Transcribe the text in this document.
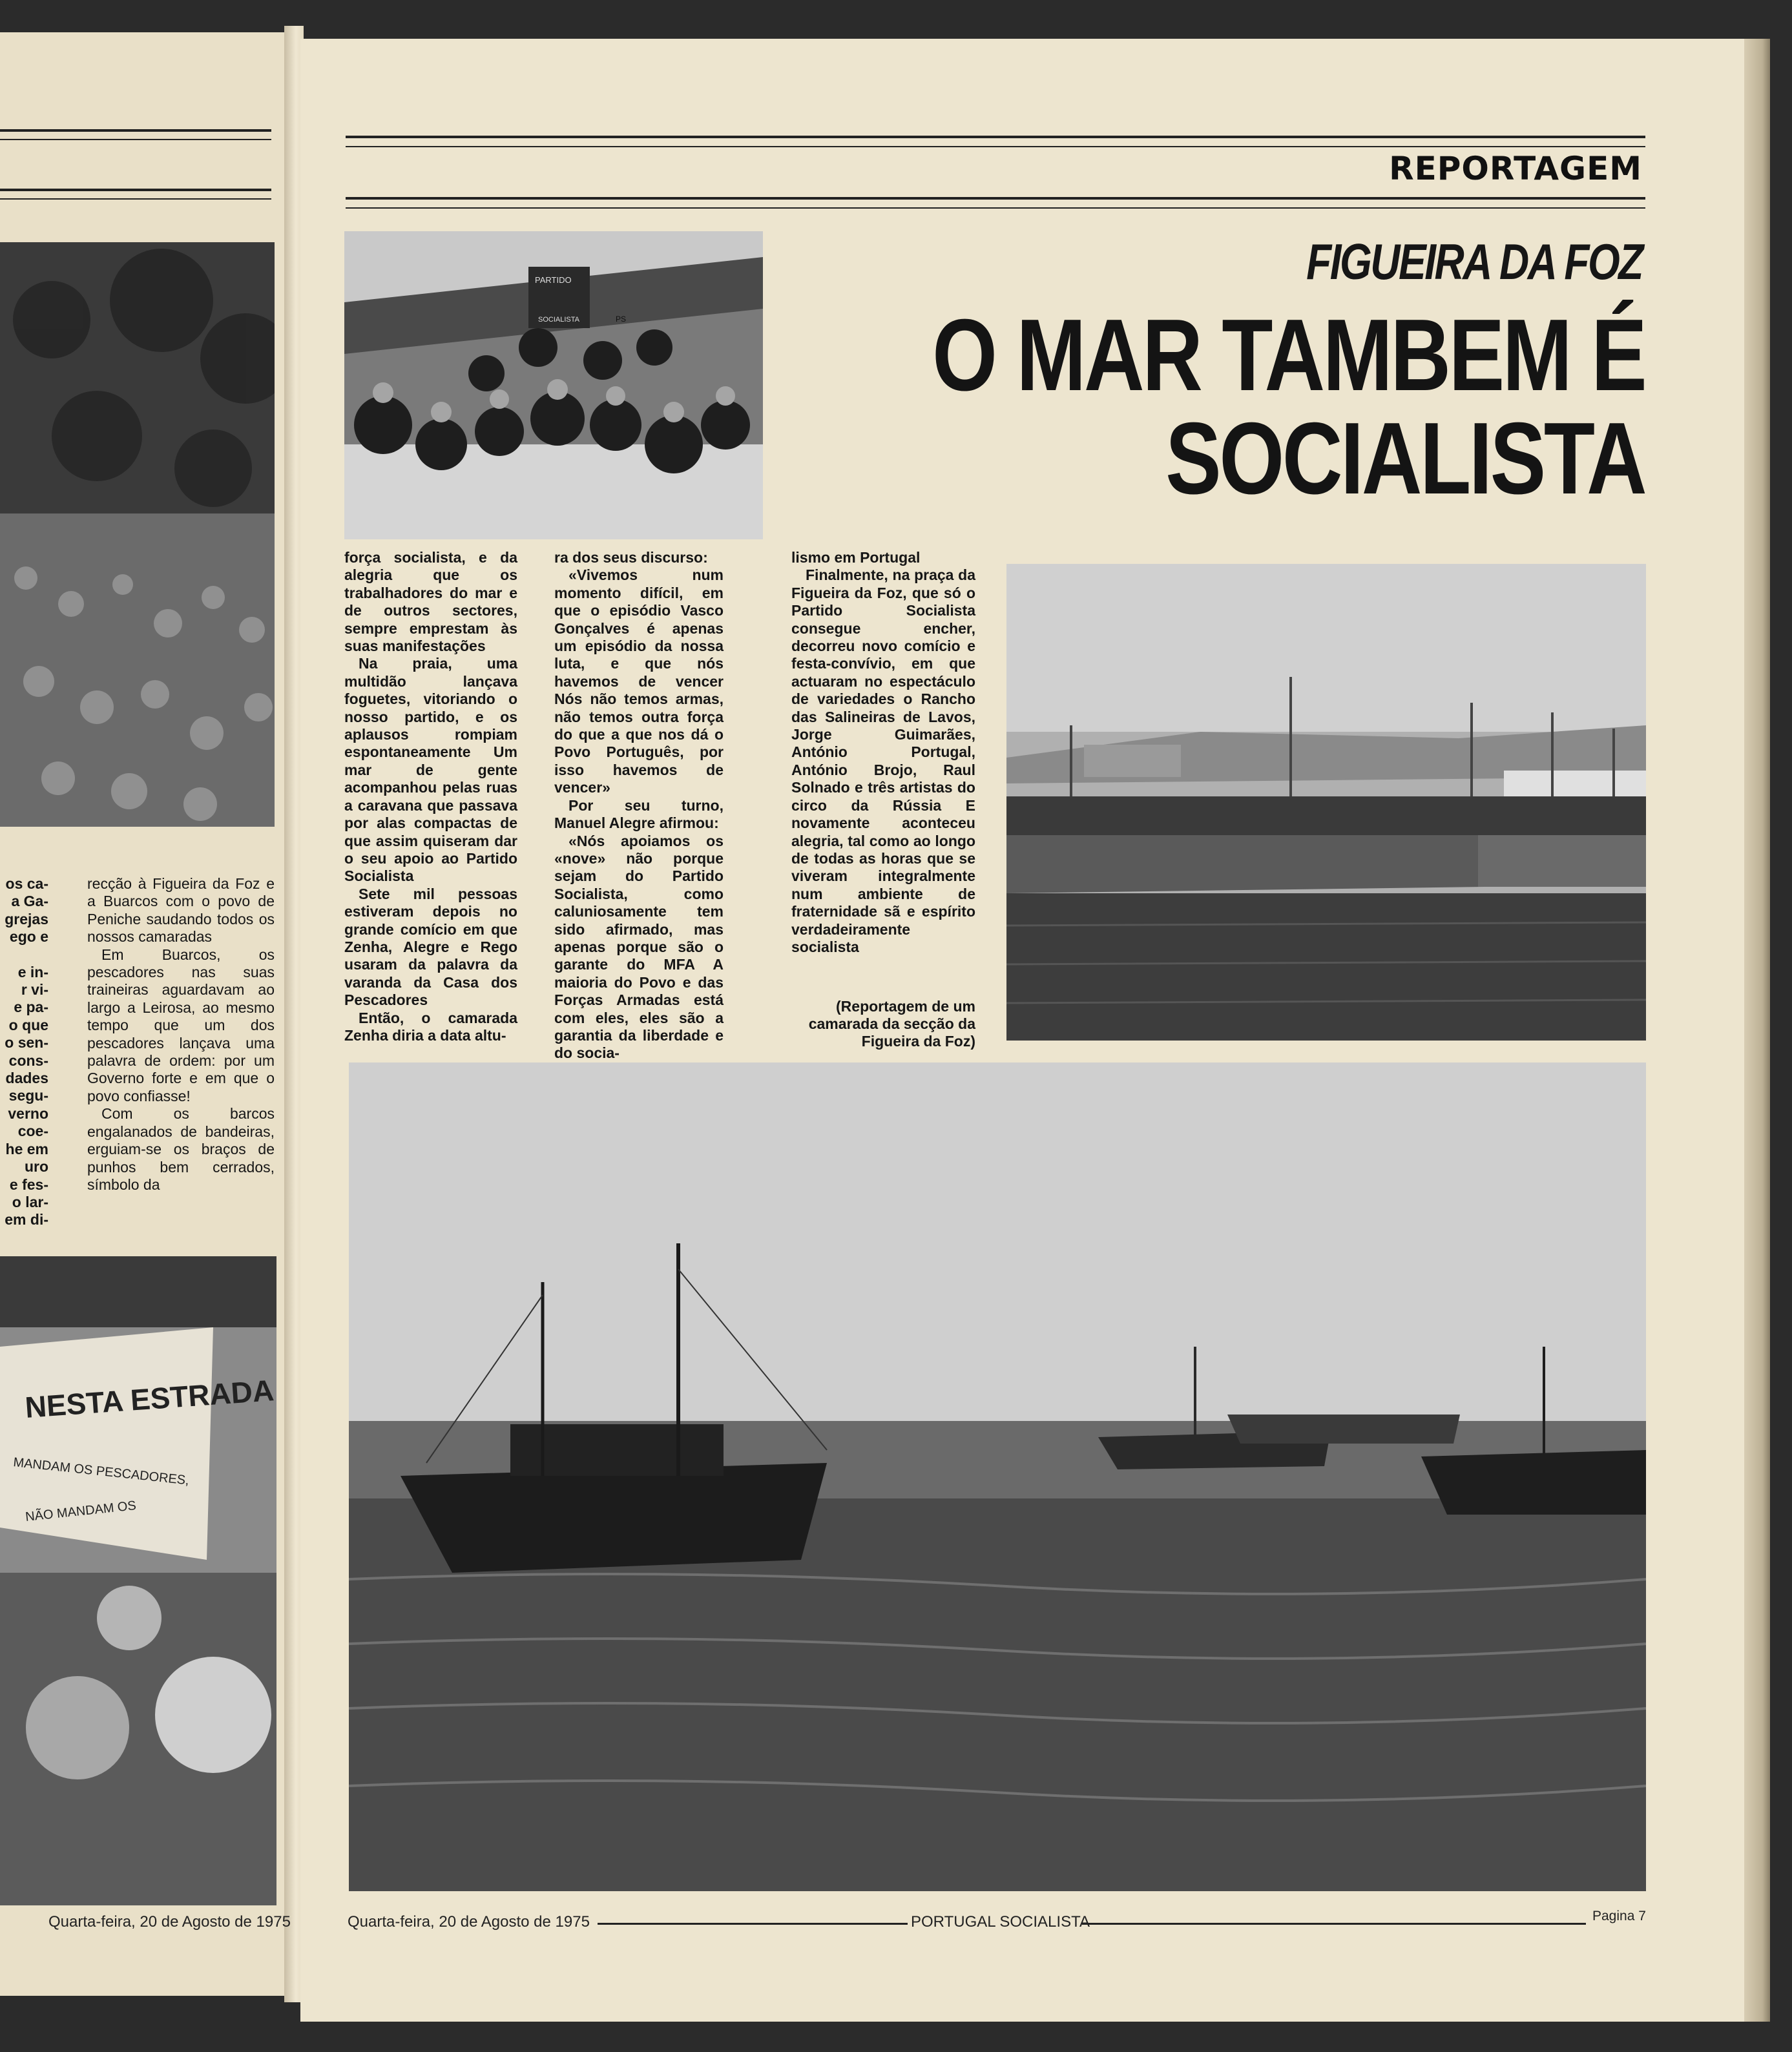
os ca-
a Ga-
grejas
ego e
e in-
r vi-
e pa-
o que
o sen-
cons-
dades
segu-
verno
coe-
he em
uro
e fes-
o lar-
em di-

recção à Figueira da Foz e a Buarcos com o povo de Peniche saudando todos os nossos camaradas

Em Buarcos, os pescadores nas suas traineiras aguardavam ao largo a Leirosa, ao mesmo tempo que um dos pescadores lançava uma palavra de ordem: por um Governo forte e em que o povo confiasse!

Com os barcos engalanados de bandeiras, erguiam-se os braços de punhos bem cerrados, símbolo da

NESTA ESTRADA
MANDAM OS PESCADORES,
NÃO MANDAM OS
Quarta-feira, 20 de Agosto de 1975
REPORTAGEM
FIGUEIRA DA FOZ
O MAR TAMBEM É
SOCIALISTA
PARTIDO
SOCIALISTA	PS

força socialista, e da alegria que os trabalhadores do mar e de outros sectores, sempre emprestam às suas manifestações

Na praia, uma multidão lançava foguetes, vitoriando o nosso partido, e os aplausos rompiam espontaneamente Um mar de gente acompanhou pelas ruas a caravana que passava por alas compactas de que assim quiseram dar o seu apoio ao Partido Socialista

Sete mil pessoas estiveram depois no grande comício em que Zenha, Alegre e Rego usaram da palavra da varanda da Casa dos Pescadores

Então, o camarada Zenha diria a data altu-

ra dos seus discurso:

«Vivemos num momento difícil, em que o episódio Vasco Gonçalves é apenas um episódio da nossa luta, e que nós havemos de vencer Nós não temos armas, não temos outra força do que a que nos dá o Povo Português, por isso havemos de vencer»

Por seu turno, Manuel Alegre afirmou:

«Nós apoiamos os «nove» não porque sejam do Partido Socialista, como caluniosamente tem sido afirmado, mas apenas porque são o garante do MFA A maioria do Povo e das Forças Armadas está com eles, eles são a garantia da liberdade e do socia-

lismo em Portugal

Finalmente, na praça da Figueira da Foz, que só o Partido Socialista consegue encher, decorreu novo comício e festa-convívio, em que actuaram no espectáculo de variedades o Rancho das Salineiras de Lavos, Jorge Guimarães, António Portugal, António Brojo, Raul Solnado e três artistas do circo da Rússia E novamente aconteceu alegria, tal como ao longo de todas as horas que se viveram integralmente num ambiente de fraternidade sã e espírito verdadeiramente socialista

(Reportagem de um camarada da secção da Figueira da Foz)
Quarta-feira, 20 de Agosto de 1975	PORTUGAL SOCIALISTA	Pagina 7
